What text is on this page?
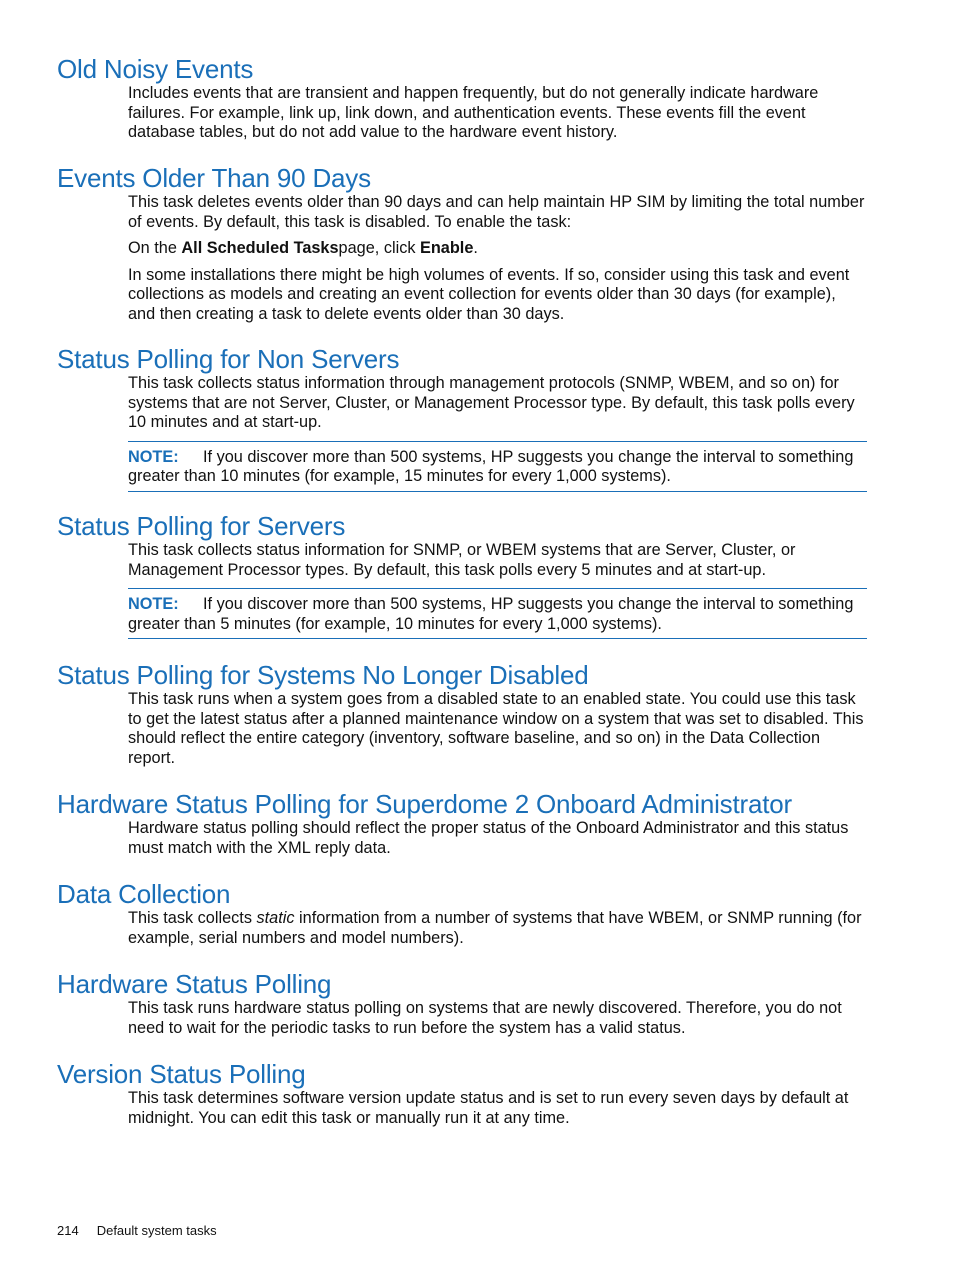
Old Noisy Events

Includes events that are transient and happen frequently, but do not generally indicate hardware failures. For example, link up, link down, and authentication events. These events fill the event database tables, but do not add value to the hardware event history.

Events Older Than 90 Days

This task deletes events older than 90 days and can help maintain HP SIM by limiting the total number of events. By default, this task is disabled. To enable the task:

On the All Scheduled Taskspage, click Enable.

In some installations there might be high volumes of events. If so, consider using this task and event collections as models and creating an event collection for events older than 30 days (for example), and then creating a task to delete events older than 30 days.

Status Polling for Non Servers

This task collects status information through management protocols (SNMP, WBEM, and so on) for systems that are not Server, Cluster, or Management Processor type. By default, this task polls every 10 minutes and at start-up.

NOTE: If you discover more than 500 systems, HP suggests you change the interval to something greater than 10 minutes (for example, 15 minutes for every 1,000 systems).
Status Polling for Servers

This task collects status information for SNMP, or WBEM systems that are Server, Cluster, or Management Processor types. By default, this task polls every 5 minutes and at start-up.

NOTE: If you discover more than 500 systems, HP suggests you change the interval to something greater than 5 minutes (for example, 10 minutes for every 1,000 systems).
Status Polling for Systems No Longer Disabled

This task runs when a system goes from a disabled state to an enabled state. You could use this task to get the latest status after a planned maintenance window on a system that was set to disabled. This should reflect the entire category (inventory, software baseline, and so on) in the Data Collection report.

Hardware Status Polling for Superdome 2 Onboard Administrator

Hardware status polling should reflect the proper status of the Onboard Administrator and this status must match with the XML reply data.

Data Collection

This task collects static information from a number of systems that have WBEM, or SNMP running (for example, serial numbers and model numbers).

Hardware Status Polling

This task runs hardware status polling on systems that are newly discovered. Therefore, you do not need to wait for the periodic tasks to run before the system has a valid status.

Version Status Polling

This task determines software version update status and is set to run every seven days by default at midnight. You can edit this task or manually run it at any time.

214 Default system tasks
